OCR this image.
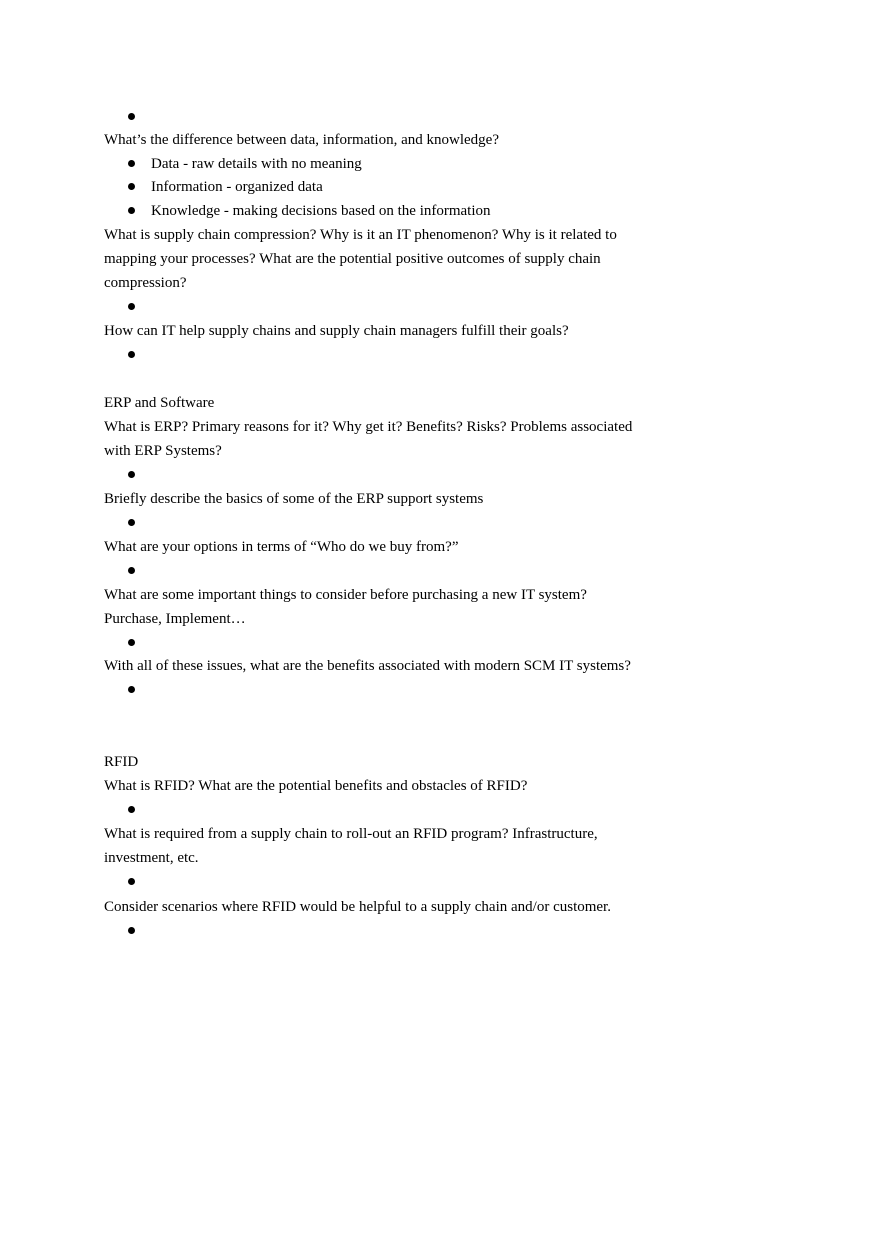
What’s the difference between data, information, and knowledge?
Data - raw details with no meaning
Information - organized data
Knowledge - making decisions based on the information
What is supply chain compression? Why is it an IT phenomenon? Why is it related to
mapping your processes? What are the potential positive outcomes of supply chain
compression?
How can IT help supply chains and supply chain managers fulfill their goals?
ERP and Software
What is ERP? Primary reasons for it? Why get it? Benefits? Risks? Problems associated
with ERP Systems?
Briefly describe the basics of some of the ERP support systems
What are your options in terms of “Who do we buy from?”
What are some important things to consider before purchasing a new IT system?
Purchase, Implement…
With all of these issues, what are the benefits associated with modern SCM IT systems?
RFID
What is RFID? What are the potential benefits and obstacles of RFID?
What is required from a supply chain to roll-out an RFID program? Infrastructure,
investment, etc.
Consider scenarios where RFID would be helpful to a supply chain and/or customer.
